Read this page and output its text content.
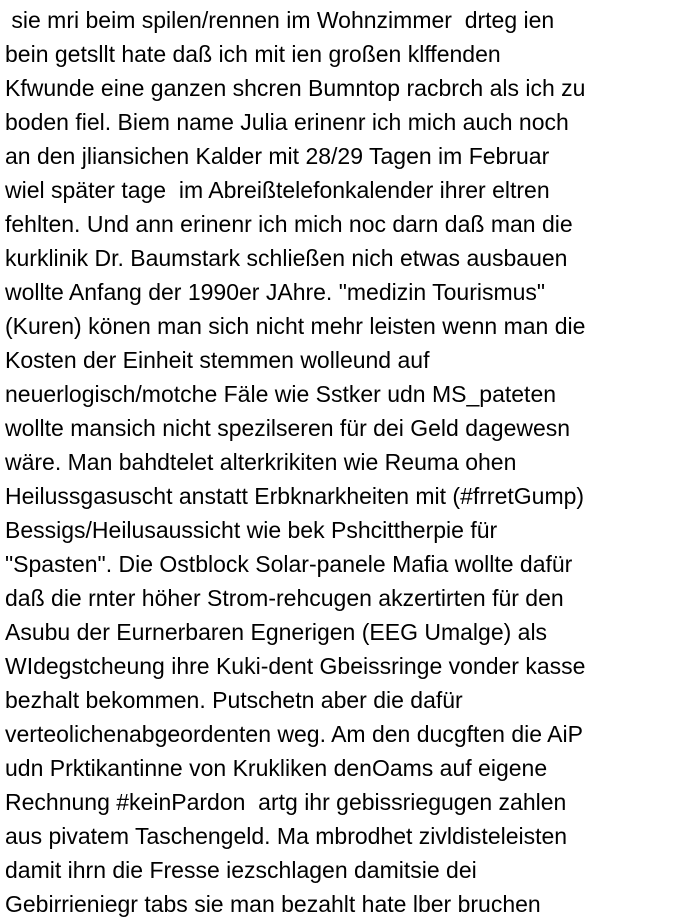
sie mri beim spilen/rennen im Wohnzimmer  drteg ien
bein getsllt hate daß ich mit ien großen klffenden
Kfwunde eine ganzen shcren Bumntop racbrch als ich zu
boden fiel. Biem name Julia erinenr ich mich auch noch
an den jliansichen Kalder mit 28/29 Tagen im Februar
wiel später tage  im Abreißtelefonkalender ihrer eltren
fehlten. Und ann erinenr ich mich noc darn daß man die
kurklinik Dr. Baumstark schließen nich etwas ausbauen
wollte Anfang der 1990er JAhre. "medizin Tourismus"
(Kuren) könen man sich nicht mehr leisten wenn man die
Kosten der Einheit stemmen wolleund auf
neuerlogisch/motche Fäle wie Sstker udn MS_pateten
wollte mansich nicht spezilseren für dei Geld dagewesn
wäre. Man bahdtelet alterkrikiten wie Reuma ohen
Heilussgasuscht anstatt Erbknarkheiten mit (#frretGump)
Bessigs/Heilusaussicht wie bek Pshcittherpie für
"Spasten". Die Ostblock Solar-panele Mafia wollte dafür
daß die rnter höher Strom-rehcugen akzertirten für den
Asubu der Eurnerbaren Egnerigen (EEG Umalge) als
WIdegstcheung ihre Kuki-dent Gbeissringe vonder kasse
bezhalt bekommen. Putschetn aber die dafür
verteolichenabgeordenten weg. Am den ducgften die AiP
udn Prktikantinne von Krukliken denOams auf eigene
Rechnung #keinPardon  artg ihr gebissriegugen zahlen
aus pivatem Taschengeld. Ma mbrodhet zivldisteleisten
damit ihrn die Fresse iezschlagen damitsie dei
Gebirrieniegr tabs sie man bezahlt hate lber bruchen
